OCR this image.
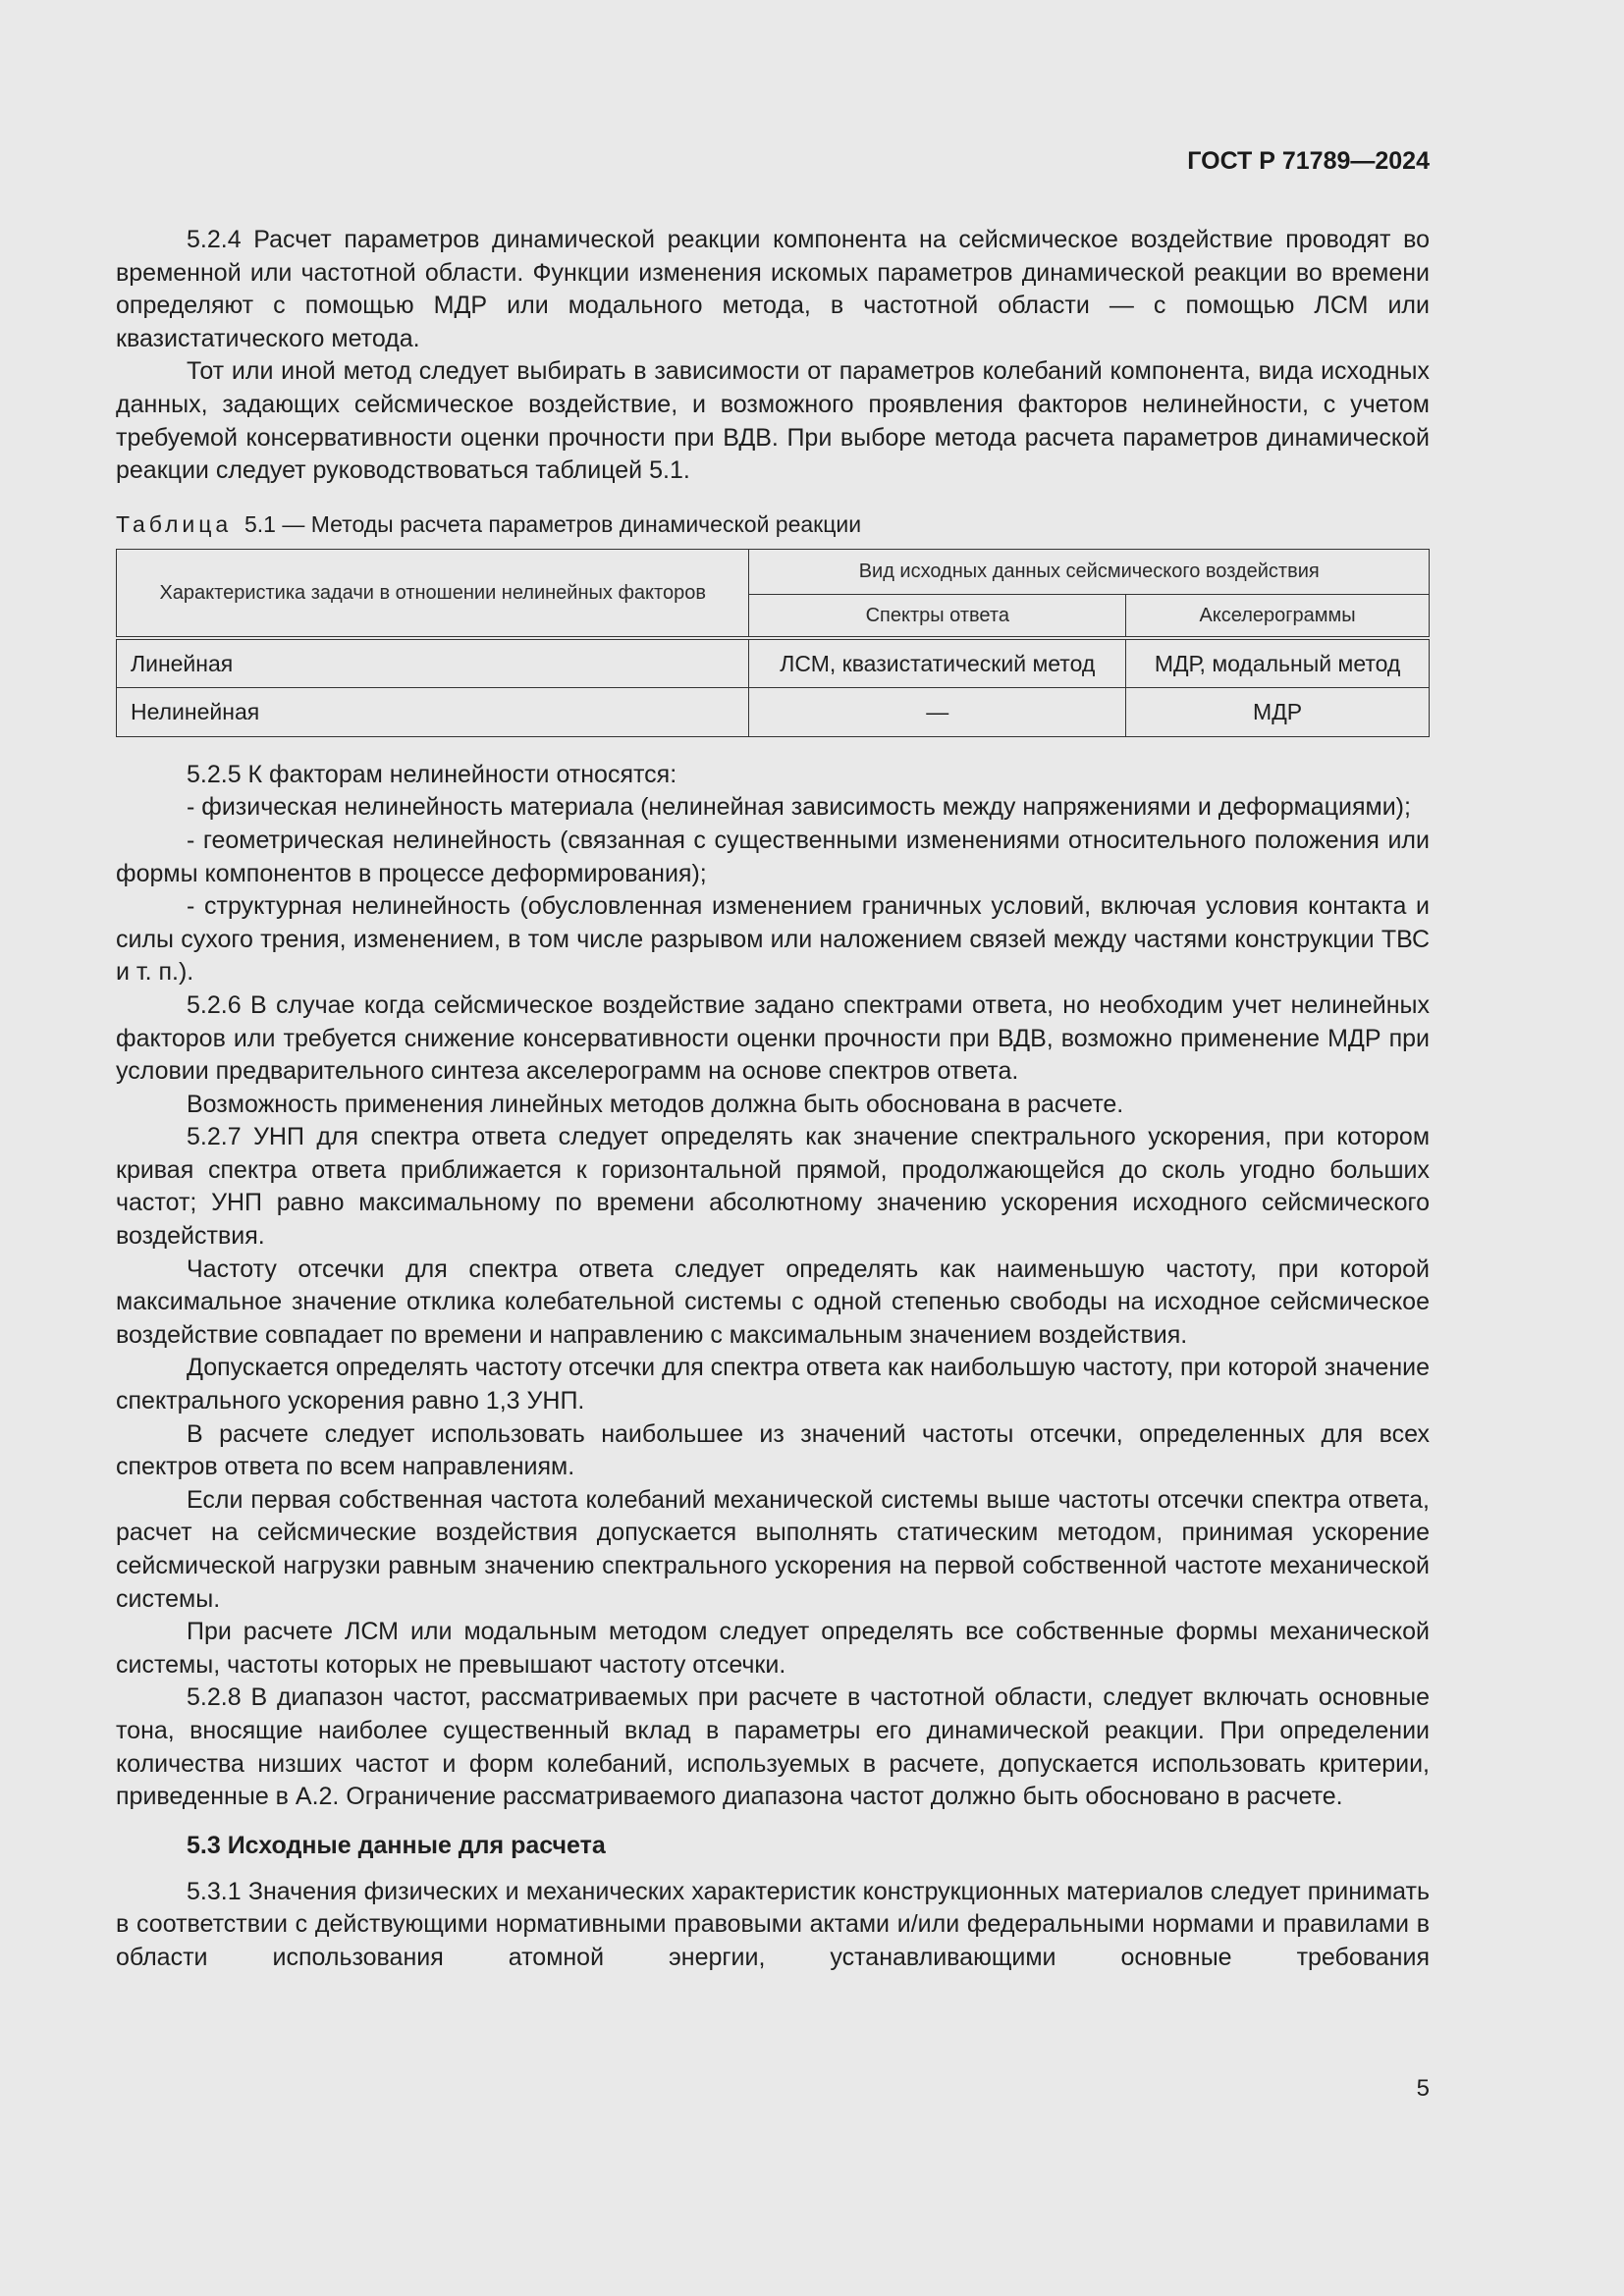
ГОСТ Р 71789—2024

5.2.4 Расчет параметров динамической реакции компонента на сейсмическое воздействие проводят во временной или частотной области. Функции изменения искомых параметров динамической реакции во времени определяют с помощью МДР или модального метода, в частотной области — с помощью ЛСМ или квазистатического метода.

Тот или иной метод следует выбирать в зависимости от параметров колебаний компонента, вида исходных данных, задающих сейсмическое воздействие, и возможного проявления факторов нелинейности, с учетом требуемой консервативности оценки прочности при ВДВ. При выборе метода расчета параметров динамической реакции следует руководствоваться таблицей 5.1.

Таблица 5.1 — Методы расчета параметров динамической реакции
Характеристика задачи в отношении нелинейных факторов	Вид исходных данных сейсмического воздействия	
	Спектры ответа	Акселерограммы
Линейная	ЛСМ, квазистатический метод	МДР, модальный метод
Нелинейная	—	МДР

5.2.5 К факторам нелинейности относятся:

- физическая нелинейность материала (нелинейная зависимость между напряжениями и деформациями);

- геометрическая нелинейность (связанная с существенными изменениями относительного положения или формы компонентов в процессе деформирования);

- структурная нелинейность (обусловленная изменением граничных условий, включая условия контакта и силы сухого трения, изменением, в том числе разрывом или наложением связей между частями конструкции ТВС и т. п.).

5.2.6 В случае когда сейсмическое воздействие задано спектрами ответа, но необходим учет нелинейных факторов или требуется снижение консервативности оценки прочности при ВДВ, возможно применение МДР при условии предварительного синтеза акселерограмм на основе спектров ответа.

Возможность применения линейных методов должна быть обоснована в расчете.

5.2.7 УНП для спектра ответа следует определять как значение спектрального ускорения, при котором кривая спектра ответа приближается к горизонтальной прямой, продолжающейся до сколь угодно больших частот; УНП равно максимальному по времени абсолютному значению ускорения исходного сейсмического воздействия.

Частоту отсечки для спектра ответа следует определять как наименьшую частоту, при которой максимальное значение отклика колебательной системы с одной степенью свободы на исходное сейсмическое воздействие совпадает по времени и направлению с максимальным значением воздействия.

Допускается определять частоту отсечки для спектра ответа как наибольшую частоту, при которой значение спектрального ускорения равно 1,3 УНП.

В расчете следует использовать наибольшее из значений частоты отсечки, определенных для всех спектров ответа по всем направлениям.

Если первая собственная частота колебаний механической системы выше частоты отсечки спектра ответа, расчет на сейсмические воздействия допускается выполнять статическим методом, принимая ускорение сейсмической нагрузки равным значению спектрального ускорения на первой собственной частоте механической системы.

При расчете ЛСМ или модальным методом следует определять все собственные формы механической системы, частоты которых не превышают частоту отсечки.

5.2.8 В диапазон частот, рассматриваемых при расчете в частотной области, следует включать основные тона, вносящие наиболее существенный вклад в параметры его динамической реакции. При определении количества низших частот и форм колебаний, используемых в расчете, допускается использовать критерии, приведенные в А.2. Ограничение рассматриваемого диапазона частот должно быть обосновано в расчете.

5.3 Исходные данные для расчета

5.3.1 Значения физических и механических характеристик конструкционных материалов следует принимать в соответствии с действующими нормативными правовыми актами и/или федеральными нормами и правилами в области использования атомной энергии, устанавливающими основные требования

5
